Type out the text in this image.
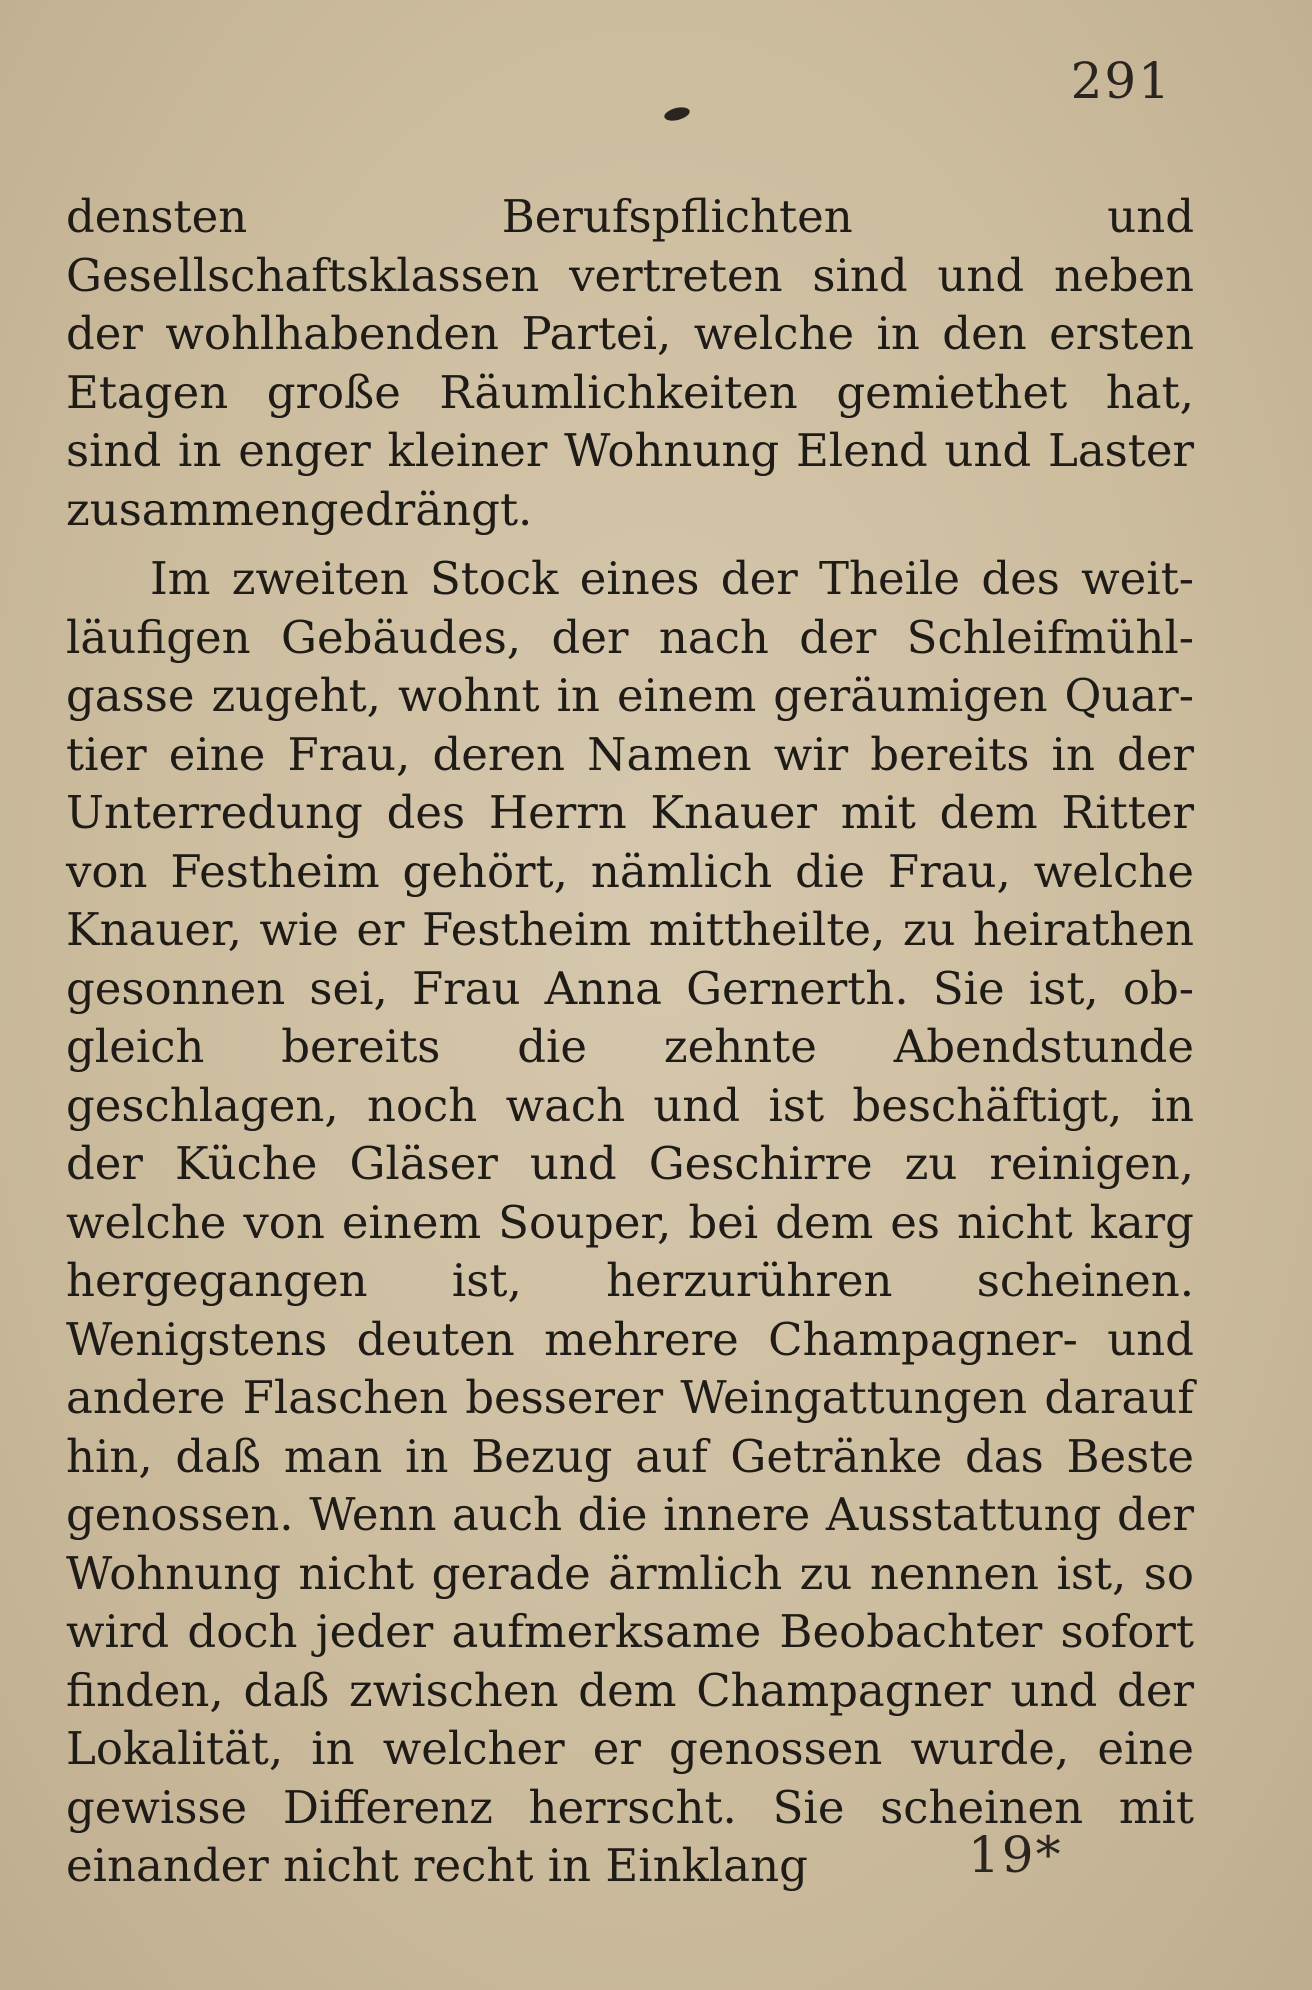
291

densten Berufspflichten und Gesellschaftsklassen vertreten sind und neben der wohlhabenden Partei, welche in den ersten Etagen große Räumlichkeiten gemiethet hat, sind in enger kleiner Wohnung Elend und Laster zusammengedrängt.

Im zweiten Stock eines der Theile des weitläufigen Gebäudes, der nach der Schleifmühlgasse zugeht, wohnt in einem geräumigen Quartier eine Frau, deren Namen wir bereits in der Unterredung des Herrn Knauer mit dem Ritter von Festheim gehört, nämlich die Frau, welche Knauer, wie er Festheim mittheilte, zu heirathen gesonnen sei, Frau Anna Gernerth. Sie ist, obgleich bereits die zehnte Abendstunde geschlagen, noch wach und ist beschäftigt, in der Küche Gläser und Geschirre zu reinigen, welche von einem Souper, bei dem es nicht karg hergegangen ist, herzurühren scheinen. Wenigstens deuten mehrere Champagner- und andere Flaschen besserer Weingattungen darauf hin, daß man in Bezug auf Getränke das Beste genossen. Wenn auch die innere Ausstattung der Wohnung nicht gerade ärmlich zu nennen ist, so wird doch jeder aufmerksame Beobachter sofort finden, daß zwischen dem Champagner und der Lokalität, in welcher er genossen wurde, eine gewisse Differenz herrscht. Sie scheinen mit einander nicht recht in Einklang	19*
